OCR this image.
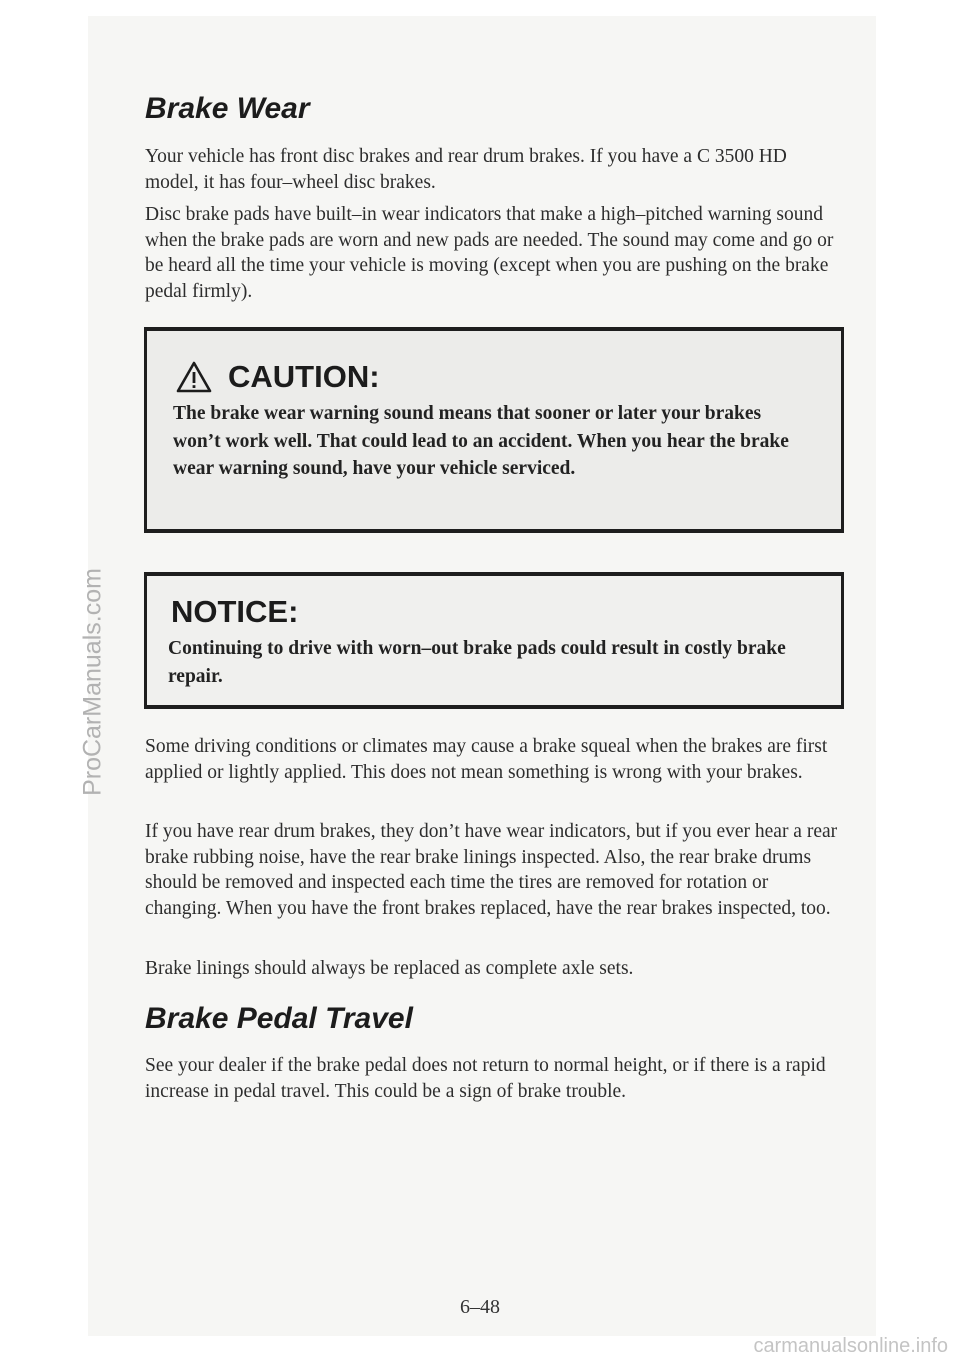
Brake Wear

Your vehicle has front disc brakes and rear drum brakes. If you have a C 3500 HD model, it has four–wheel disc brakes.

Disc brake pads have built–in wear indicators that make a high–pitched warning sound when the brake pads are worn and new pads are needed. The sound may come and go or be heard all the time your vehicle is moving (except when you are pushing on the brake pedal firmly).

CAUTION:

The brake wear warning sound means that sooner or later your brakes won’t work well. That could lead to an accident. When you hear the brake wear warning sound, have your vehicle serviced.

NOTICE:

Continuing to drive with worn–out brake pads could result in costly brake repair.

Some driving conditions or climates may cause a brake squeal when the brakes are first applied or lightly applied. This does not mean something is wrong with your brakes.

If you have rear drum brakes, they don’t have wear indicators, but if you ever hear a rear brake rubbing noise, have the rear brake linings inspected. Also, the rear brake drums should be removed and inspected each time the tires are removed for rotation or changing. When you have the front brakes replaced, have the rear brakes inspected, too.

Brake linings should always be replaced as complete axle sets.

Brake Pedal Travel

See your dealer if the brake pedal does not return to normal height, or if there is a rapid increase in pedal travel. This could be a sign of brake trouble.

6–48
ProCarManuals.com
carmanualsonline.info
